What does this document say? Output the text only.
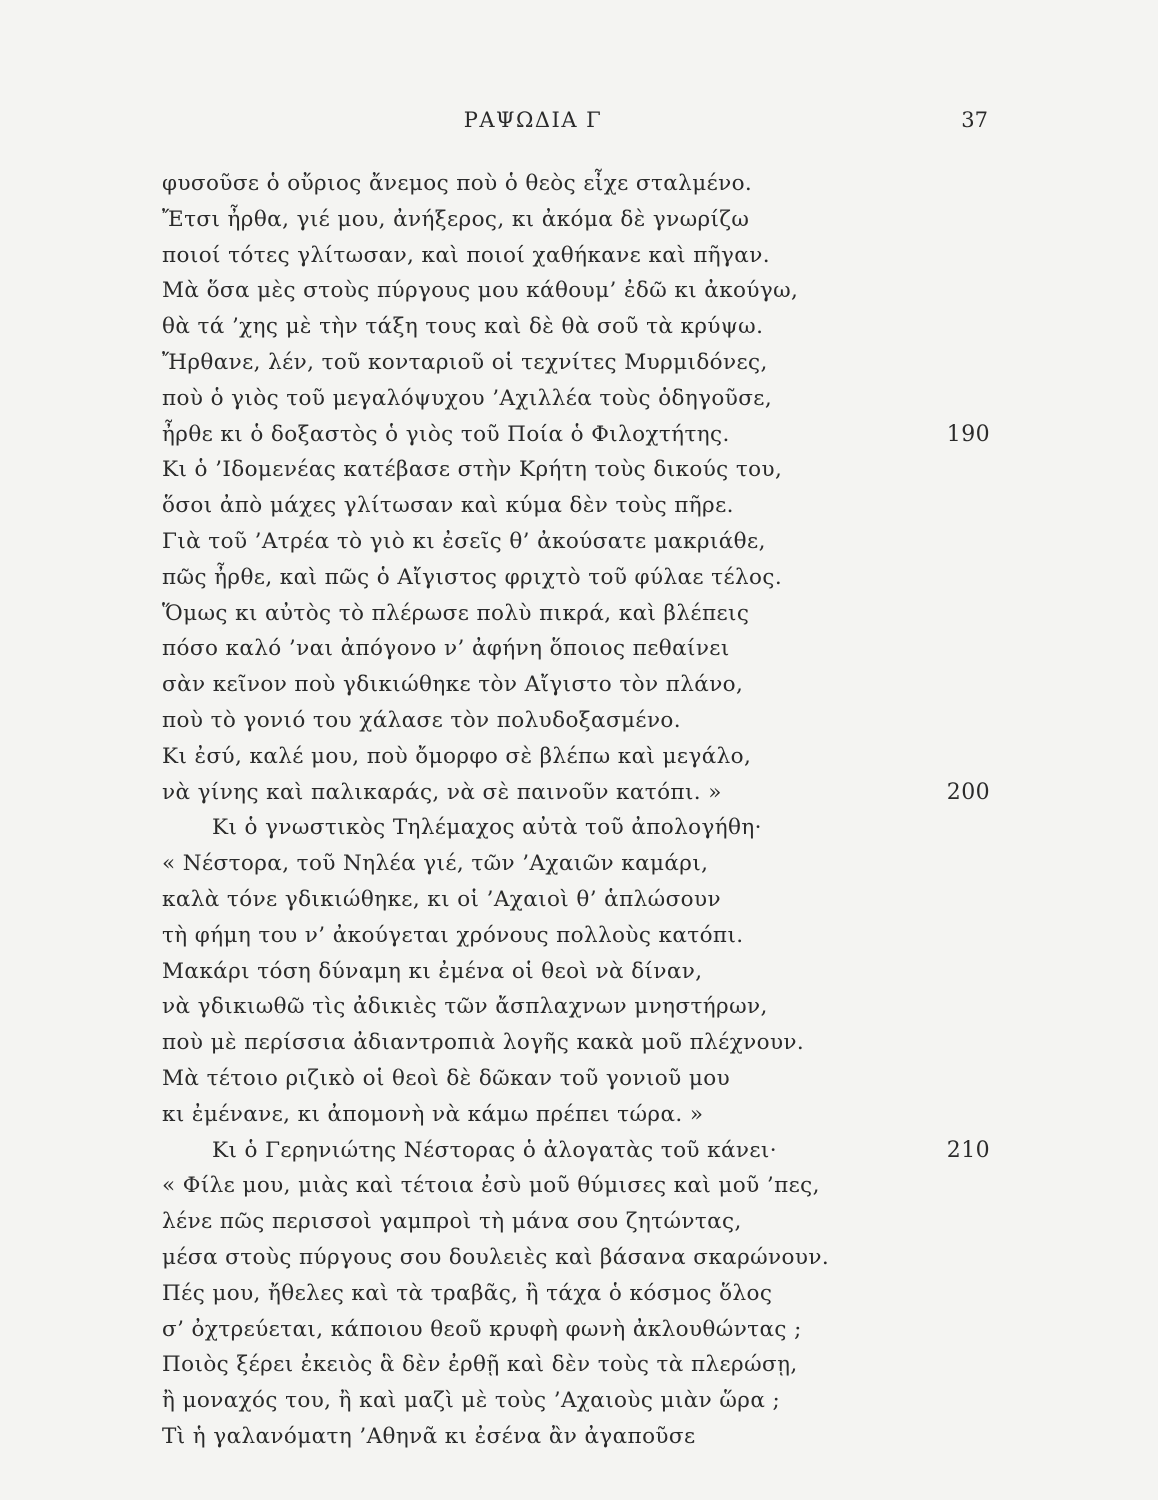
ΡΑΨΩΔΙΑ Γ	37
φυσοῦσε ὁ οὔριος ἄνεμος ποὺ ὁ θεὸς εἶχε σταλμένο.
Ἔτσι ἦρθα, γιέ μου, ἀνήξερος, κι ἀκόμα δὲ γνωρίζω
ποιοί τότες γλίτωσαν, καὶ ποιοί χαθήκανε καὶ πῆγαν.
Μὰ ὅσα μὲς στοὺς πύργους μου κάθουμ’ ἐδῶ κι ἀκούγω,
θὰ τά ’χης μὲ τὴν τάξη τους καὶ δὲ θὰ σοῦ τὰ κρύψω.
Ἤρθανε, λέν, τοῦ κονταριοῦ οἱ τεχνίτες Μυρμιδόνες,
ποὺ ὁ γιὸς τοῦ μεγαλόψυχου ’Αχιλλέα τοὺς ὁδηγοῦσε,
ἦρθε κι ὁ δοξαστὸς ὁ γιὸς τοῦ Ποία ὁ Φιλοχτήτης.	190
Κι ὁ ’Ιδομενέας κατέβασε στὴν Κρήτη τοὺς δικούς του,
ὅσοι ἀπὸ μάχες γλίτωσαν καὶ κύμα δὲν τοὺς πῆρε.
Γιὰ τοῦ ’Ατρέα τὸ γιὸ κι ἐσεῖς θ’ ἀκούσατε μακριάθε,
πῶς ἦρθε, καὶ πῶς ὁ Αἴγιστος φριχτὸ τοῦ φύλαε τέλος.
Ὅμως κι αὐτὸς τὸ πλέρωσε πολὺ πικρά, καὶ βλέπεις
πόσο καλό ’ναι ἀπόγονο ν’ ἀφήνη ὅποιος πεθαίνει
σὰν κεῖνον ποὺ γδικιώθηκε τὸν Αἴγιστο τὸν πλάνο,
ποὺ τὸ γονιό του χάλασε τὸν πολυδοξασμένο.
Κι ἐσύ, καλέ μου, ποὺ ὄμορφο σὲ βλέπω καὶ μεγάλο,
νὰ γίνης καὶ παλικαράς, νὰ σὲ παινοῦν κατόπι. »	200
Κι ὁ γνωστικὸς Τηλέμαχος αὐτὰ τοῦ ἀπολογήθη·
« Νέστορα, τοῦ Νηλέα γιέ, τῶν ’Αχαιῶν καμάρι,
καλὰ τόνε γδικιώθηκε, κι οἱ ’Αχαιοὶ θ’ ἁπλώσουν
τὴ φήμη του ν’ ἀκούγεται χρόνους πολλοὺς κατόπι.
Μακάρι τόση δύναμη κι ἐμένα οἱ θεοὶ νὰ δίναν,
νὰ γδικιωθῶ τὶς ἀδικιὲς τῶν ἄσπλαχνων μνηστήρων,
ποὺ μὲ περίσσια ἀδιαντροπιὰ λογῆς κακὰ μοῦ πλέχνουν.
Μὰ τέτοιο ριζικὸ οἱ θεοὶ δὲ δῶκαν τοῦ γονιοῦ μου
κι ἐμένανε, κι ἀπομονὴ νὰ κάμω πρέπει τώρα. »
Κι ὁ Γερηνιώτης Νέστορας ὁ ἀλογατὰς τοῦ κάνει·	210
« Φίλε μου, μιὰς καὶ τέτοια ἐσὺ μοῦ θύμισες καὶ μοῦ ’πες,
λένε πῶς περισσοὶ γαμπροὶ τὴ μάνα σου ζητώντας,
μέσα στοὺς πύργους σου δουλειὲς καὶ βάσανα σκαρώνουν.
Πές μου, ἤθελες καὶ τὰ τραβᾶς, ἢ τάχα ὁ κόσμος ὅλος
σ’ ὀχτρεύεται, κάποιου θεοῦ κρυφὴ φωνὴ ἀκλουθώντας ;
Ποιὸς ξέρει ἐκειὸς ἃ δὲν ἐρθῇ καὶ δὲν τοὺς τὰ πλερώσῃ,
ἢ μοναχός του, ἢ καὶ μαζὶ μὲ τοὺς ’Αχαιοὺς μιὰν ὥρα ;
Τὶ ἡ γαλανόματη ’Αθηνᾶ κι ἐσένα ἂν ἀγαποῦσε
